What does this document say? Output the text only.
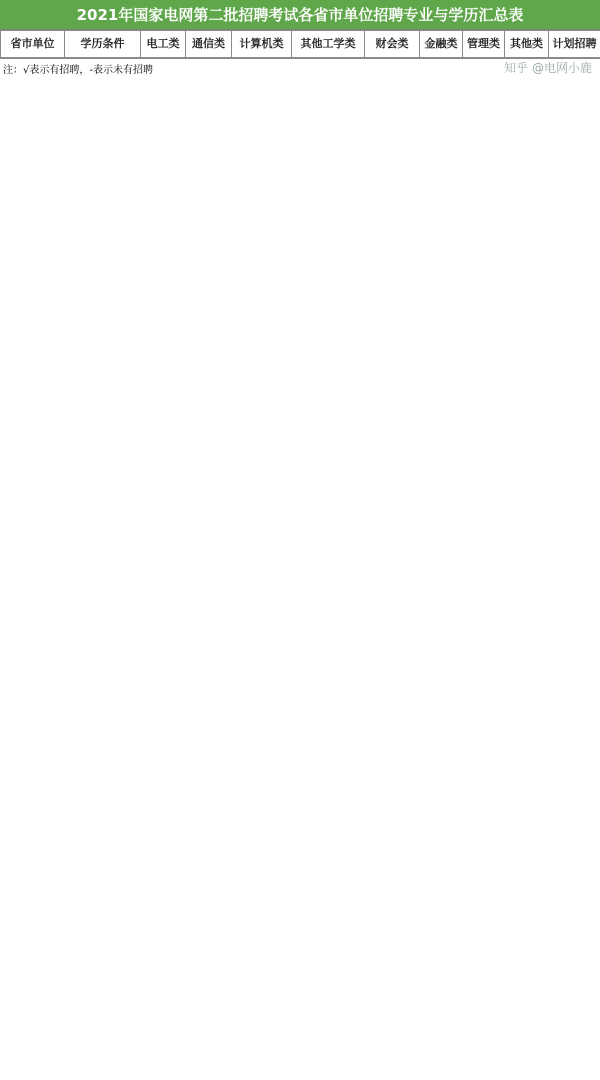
2021年国家电网第二批招聘考试各省市单位招聘专业与学历汇总表
省市单位	学历条件	电工类	通信类	计算机类	其他工学类	财会类	金融类	管理类	其他类	计划招聘
注：√表示有招聘，-表示未有招聘	知乎 @电网小鹿
